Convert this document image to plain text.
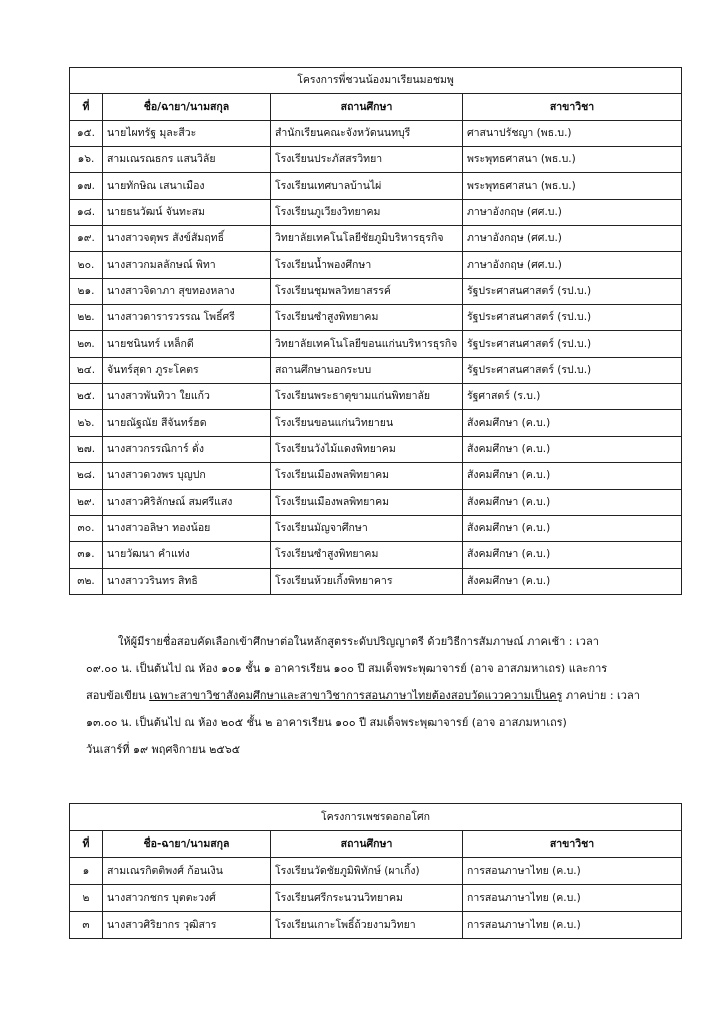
โครงการพี่ชวนน้องมาเรียนมอชมพู			
ที่	ชื่อ/ฉายา/นามสกุล	สถานศึกษา	สาขาวิชา
๑๕.	นายไผทรัฐ มุละสีวะ	สำนักเรียนคณะจังหวัดนนทบุรี	ศาสนาปรัชญา (พธ.บ.)
๑๖.	สามเณรณธกร แสนวิลัย	โรงเรียนประภัสสรวิทยา	พระพุทธศาสนา (พธ.บ.)
๑๗.	นายทักษิณ เสนาเมือง	โรงเรียนเทศบาลบ้านไผ่	พระพุทธศาสนา (พธ.บ.)
๑๘.	นายธนวัฒน์ จันทะสม	โรงเรียนภูเวียงวิทยาคม	ภาษาอังกฤษ (ศศ.บ.)
๑๙.	นางสาวจตุพร สังข์สัมฤทธิ์	วิทยาลัยเทคโนโลยีชัยภูมิบริหารธุรกิจ	ภาษาอังกฤษ (ศศ.บ.)
๒๐.	นางสาวกมลลักษณ์ พิทา	โรงเรียนน้ำพองศึกษา	ภาษาอังกฤษ (ศศ.บ.)
๒๑.	นางสาวจิดาภา สุขทองหลาง	โรงเรียนชุมพลวิทยาสรรค์	รัฐประศาสนศาสตร์ (รป.บ.)
๒๒.	นางสาวดารารวรรณ โพธิ์ศรี	โรงเรียนซำสูงพิทยาคม	รัฐประศาสนศาสตร์ (รป.บ.)
๒๓.	นายชนินทร์ เหล็กดี	วิทยาลัยเทคโนโลยีขอนแก่นบริหารธุรกิจ	รัฐประศาสนศาสตร์ (รป.บ.)
๒๔.	จันทร์สุดา ภูระโคตร	สถานศึกษานอกระบบ	รัฐประศาสนศาสตร์ (รป.บ.)
๒๕.	นางสาวพันทิวา ใยแก้ว	โรงเรียนพระธาตุขามแก่นพิทยาลัย	รัฐศาสตร์ (ร.บ.)
๒๖.	นายณัฐณัย สีจันทร์ฮด	โรงเรียนขอนแก่นวิทยายน	สังคมศึกษา (ค.บ.)
๒๗.	นางสาวกรรณิการ์ ดั่ง	โรงเรียนวังไม้แดงพิทยาคม	สังคมศึกษา (ค.บ.)
๒๘.	นางสาวดวงพร บุญปก	โรงเรียนเมืองพลพิทยาคม	สังคมศึกษา (ค.บ.)
๒๙.	นางสาวศิริลักษณ์ สมศรีแสง	โรงเรียนเมืองพลพิทยาคม	สังคมศึกษา (ค.บ.)
๓๐.	นางสาวอลิษา ทองน้อย	โรงเรียนมัญจาศึกษา	สังคมศึกษา (ค.บ.)
๓๑.	นายวัฒนา คำแท่ง	โรงเรียนซำสูงพิทยาคม	สังคมศึกษา (ค.บ.)
๓๒.	นางสาววรินทร สิทธิ	โรงเรียนห้วยเกิ้งพิทยาคาร	สังคมศึกษา (ค.บ.)

ให้ผู้มีรายชื่อสอบคัดเลือกเข้าศึกษาต่อในหลักสูตรระดับปริญญาตรี ด้วยวิธีการสัมภาษณ์ ภาคเช้า : เวลา

๐๙.๐๐ น. เป็นต้นไป ณ ห้อง ๑๐๑ ชั้น ๑ อาคารเรียน ๑๐๐ ปี สมเด็จพระพุฒาจารย์ (อาจ อาสภมหาเถร) และการ

สอบข้อเขียน เฉพาะสาขาวิชาสังคมศึกษาและสาขาวิชาการสอนภาษาไทยต้องสอบวัดแววความเป็นครู ภาคบ่าย : เวลา

๑๓.๐๐ น. เป็นต้นไป ณ ห้อง ๒๐๕ ชั้น ๒ อาคารเรียน ๑๐๐ ปี สมเด็จพระพุฒาจารย์ (อาจ อาสภมหาเถร)

วันเสาร์ที่ ๑๙ พฤศจิกายน ๒๕๖๕

โครงการเพชรดอกอโศก			
ที่	ชื่อ-ฉายา/นามสกุล	สถานศึกษา	สาขาวิชา
๑	สามเณรกิตติพงศ์ ก้อนเงิน	โรงเรียนวัดชัยภูมิพิทักษ์ (ผาเกิ้ง)	การสอนภาษาไทย (ค.บ.)
๒	นางสาวกชกร บุตตะวงศ์	โรงเรียนศรีกระนวนวิทยาคม	การสอนภาษาไทย (ค.บ.)
๓	นางสาวศิริยากร วุฒิสาร	โรงเรียนเกาะโพธิ์ถ้วยงามวิทยา	การสอนภาษาไทย (ค.บ.)
